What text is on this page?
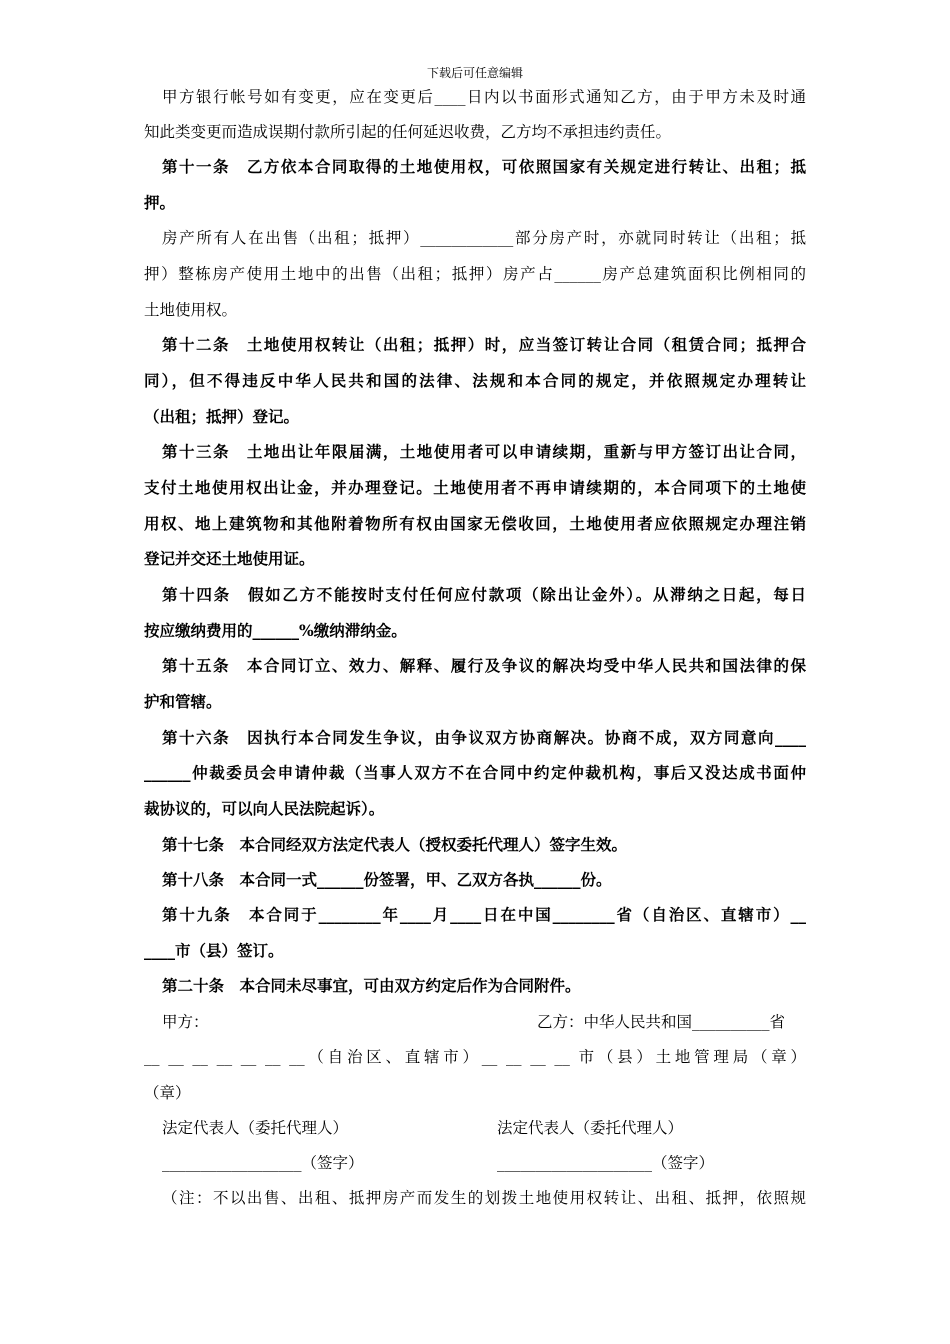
下载后可任意编辑
甲方银行帐号如有变更，应在变更后____日内以书面形式通知乙方，由于甲方未及时通
知此类变更而造成误期付款所引起的任何延迟收费，乙方均不承担违约责任。
第十一条　乙方依本合同取得的土地使用权，可依照国家有关规定进行转让、出租；抵
押。
房产所有人在出售（出租；抵押）____________部分房产时，亦就同时转让（出租；抵
押）整栋房产使用土地中的出售（出租；抵押）房产占______房产总建筑面积比例相同的
土地使用权。
第十二条　土地使用权转让（出租；抵押）时，应当签订转让合同（租赁合同；抵押合
同），但不得违反中华人民共和国的法律、法规和本合同的规定，并依照规定办理转让
（出租；抵押）登记。
第十三条　土地出让年限届满，土地使用者可以申请续期，重新与甲方签订出让合同，
支付土地使用权出让金，并办理登记。土地使用者不再申请续期的，本合同项下的土地使
用权、地上建筑物和其他附着物所有权由国家无偿收回，土地使用者应依照规定办理注销
登记并交还土地使用证。
第十四条　假如乙方不能按时支付任何应付款项（除出让金外）。从滞纳之日起，每日
按应缴纳费用的______%缴纳滞纳金。
第十五条　本合同订立、效力、解释、履行及争议的解决均受中华人民共和国法律的保
护和管辖。
第十六条　因执行本合同发生争议，由争议双方协商解决。协商不成，双方同意向____
______仲裁委员会申请仲裁（当事人双方不在合同中约定仲裁机构，事后又没达成书面仲
裁协议的，可以向人民法院起诉）。
第十七条　本合同经双方法定代表人（授权委托代理人）签字生效。
第十八条　本合同一式______份签署，甲、乙双方各执______份。
第十九条　本合同于________年____月____日在中国________省（自治区、直辖市）__
____市（县）签订。
第二十条　本合同未尽事宜，可由双方约定后作为合同附件。
甲方：	乙方：中华人民共和国__________省
__ __ __ __ __ __ __（自治区、直辖市）__ __ __ __ 市（县）土地管理局（章）
（章）
法定代表人（委托代理人）	法定代表人（委托代理人）
__________________（签字）	____________________（签字）
（注：不以出售、出租、抵押房产而发生的划拨土地使用权转让、出租、抵押，依照规
